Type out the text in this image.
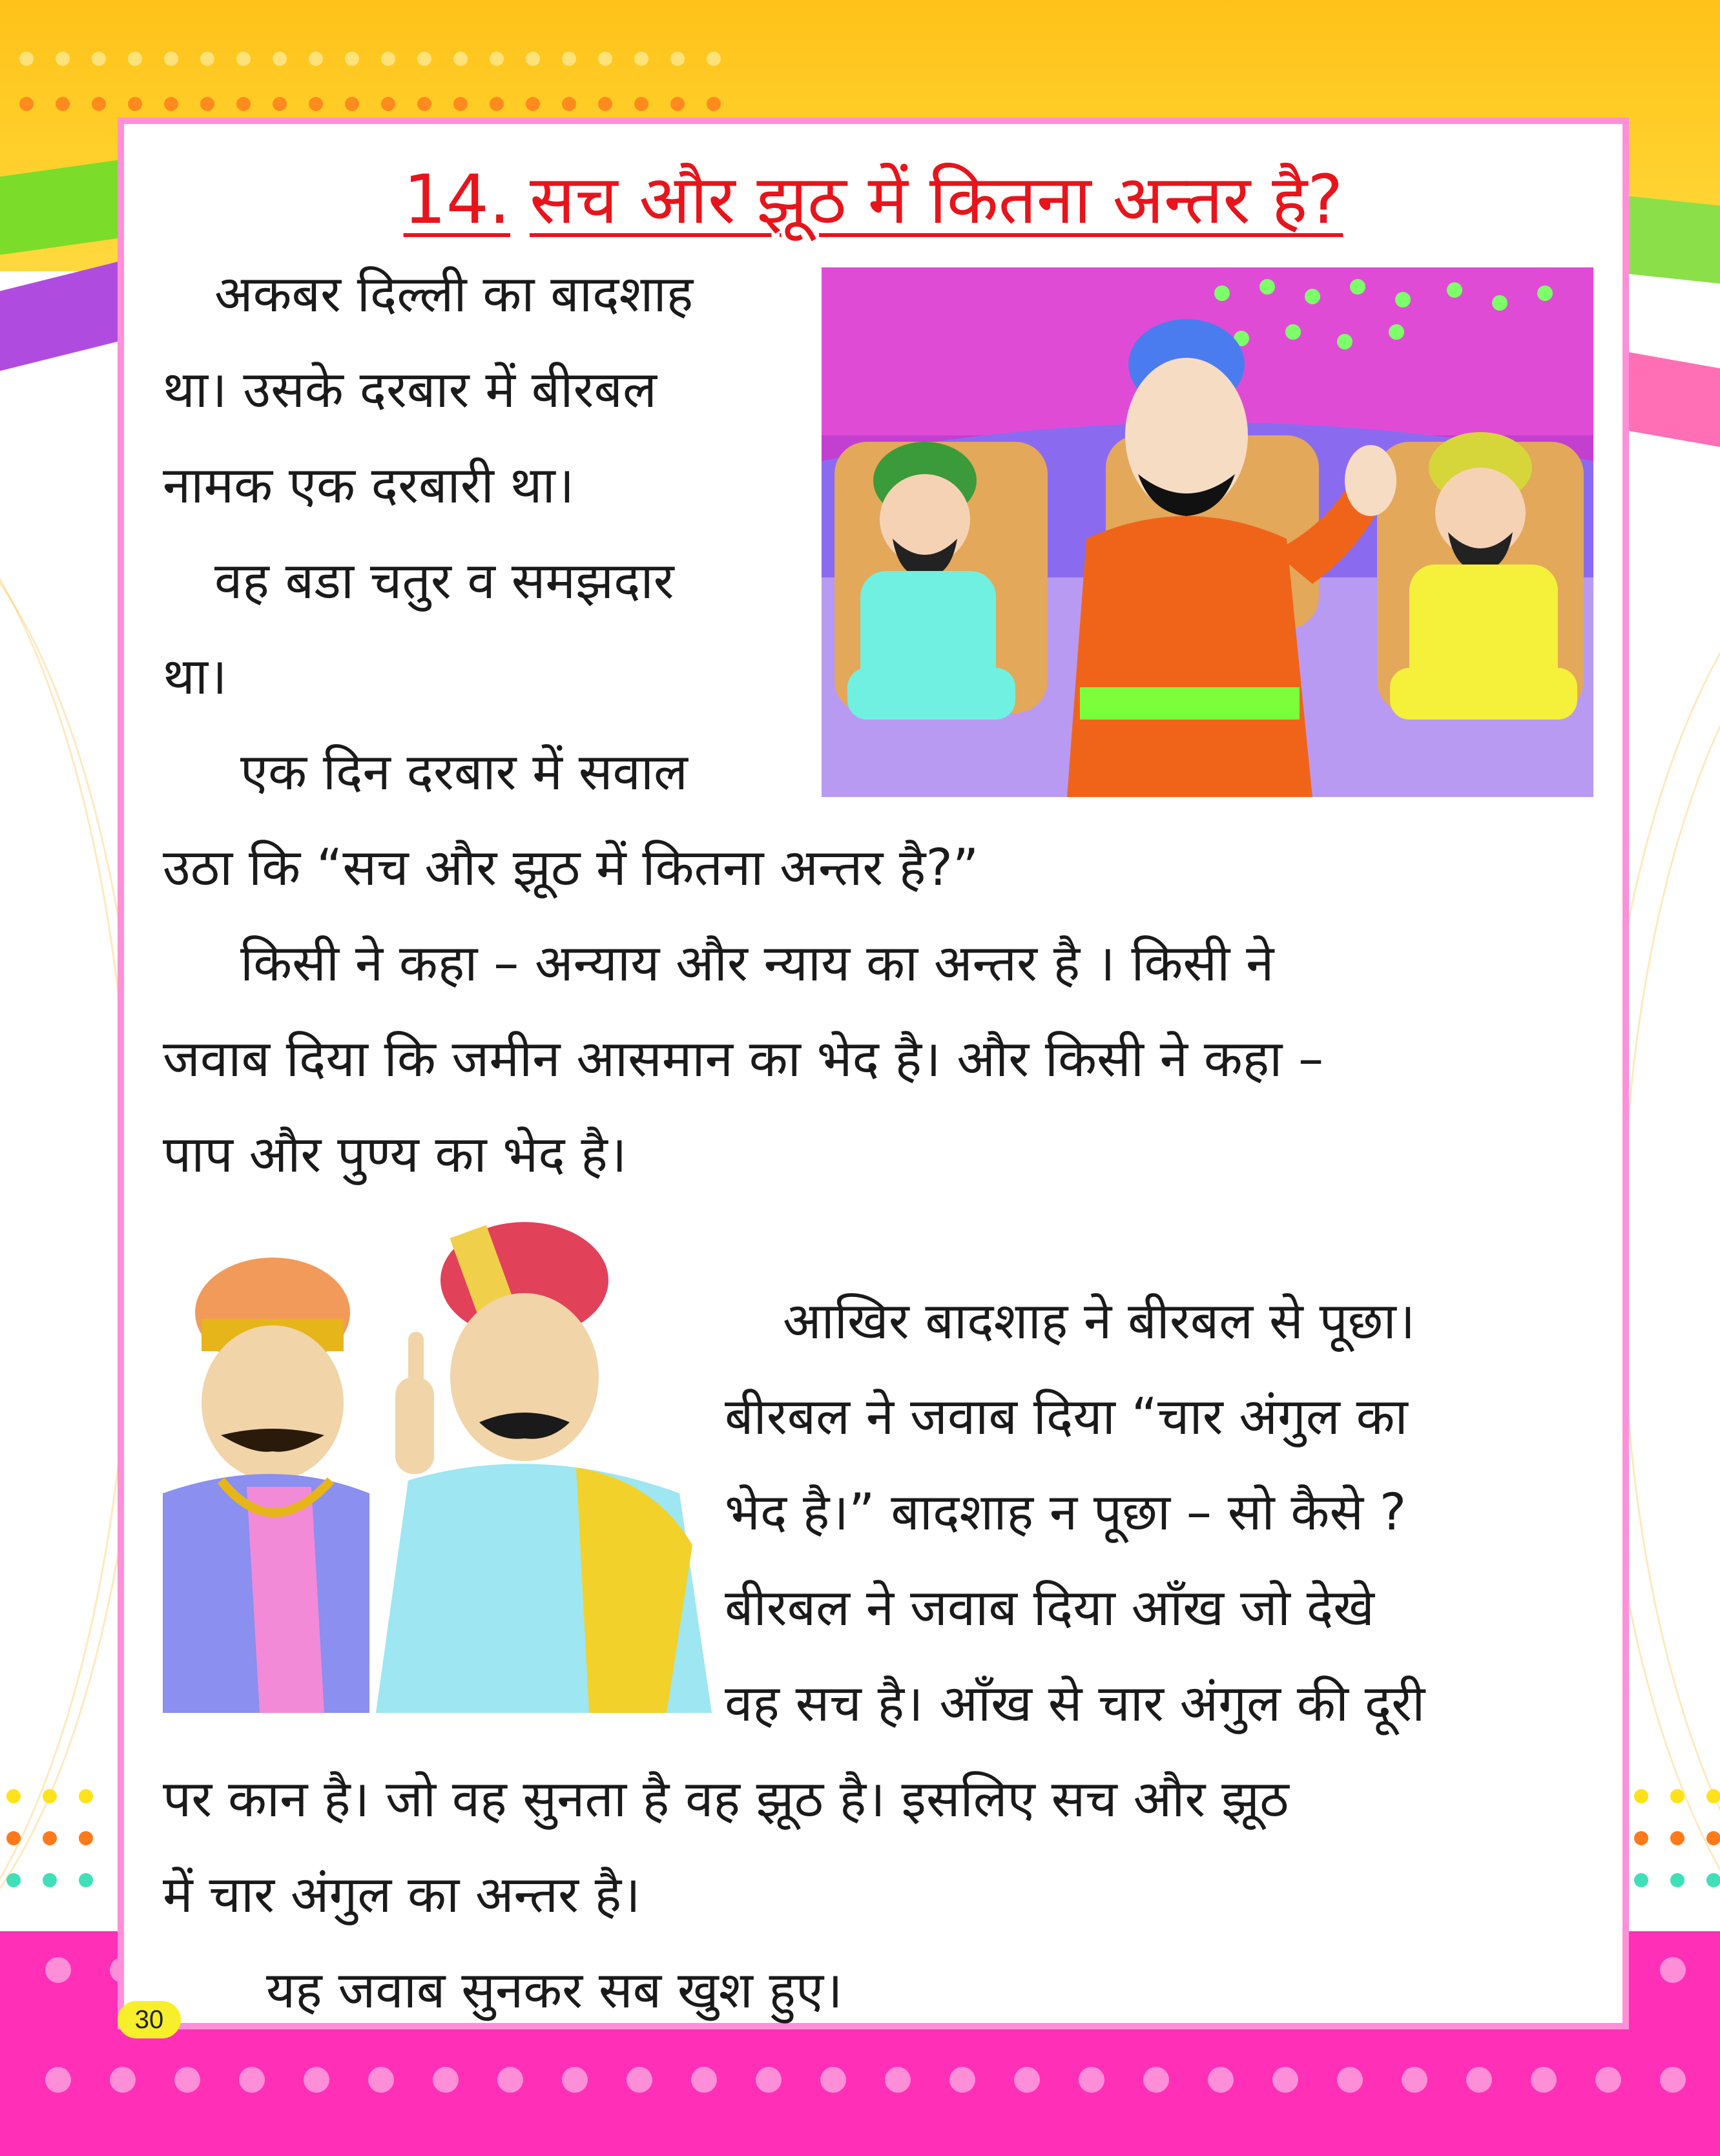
14. सच और झूठ में कितना अन्तर है?

अकबर दिल्ली का बादशाह
था। उसके दरबार में बीरबल
नामक एक दरबारी था।

वह बडा चतुर व समझदार
था।

एक दिन दरबार में सवाल
उठा कि “सच और झूठ में कितना अन्तर है?”

किसी ने कहा – अन्याय और न्याय का अन्तर है । किसी ने
जवाब दिया कि जमीन आसमान का भेद है। और किसी ने कहा –
पाप और पुण्य का भेद है।

आखिर बादशाह ने बीरबल से पूछा।
बीरबल ने जवाब दिया “चार अंगुल का
भेद है।” बादशाह न पूछा – सो कैसे ?
बीरबल ने जवाब दिया आँख जो देखे
वह सच है। आँख से चार अंगुल की दूरी

पर कान है। जो वह सुनता है वह झूठ है। इसलिए सच और झूठ
में चार अंगुल का अन्तर है।

यह जवाब सुनकर सब खुश हुए।

30
